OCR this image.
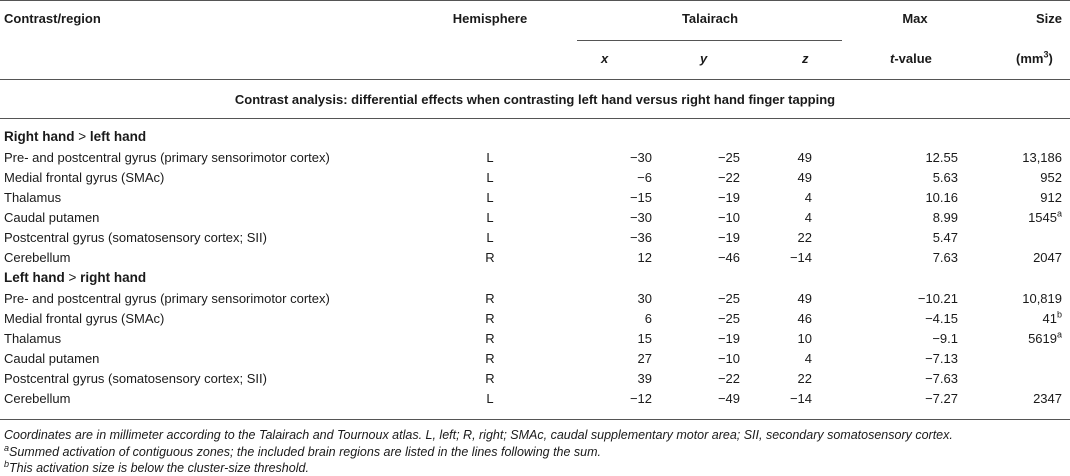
Contrast/region	Hemisphere	Talairach	Max	Size
x	y	z	t-value	$(mm^3)$
Contrast analysis: differential effects when contrasting left hand versus right hand finger tapping
Right hand > left hand
Pre- and postcentral gyrus (primary sensorimotor cortex)	L	−30	−25	49	12.55	13,186
Medial frontal gyrus (SMAc)	L	−6	−22	49	5.63	952
Thalamus	L	−15	−19	4	10.16	912
Caudal putamen	L	−30	−10	4	8.99	1545$^a$
Postcentral gyrus (somatosensory cortex; SII)	L	−36	−19	22	5.47
Cerebellum	R	12	−46	−14	7.63	2047
Left hand > right hand
Pre- and postcentral gyrus (primary sensorimotor cortex)	R	30	−25	49	−10.21	10,819
Medial frontal gyrus (SMAc)	R	6	−25	46	−4.15	41$^b$
Thalamus	R	15	−19	10	−9.1	5619$^a$
Caudal putamen	R	27	−10	4	−7.13
Postcentral gyrus (somatosensory cortex; SII)	R	39	−22	22	−7.63
Cerebellum	L	−12	−49	−14	−7.27	2347
Coordinates are in millimeter according to the Talairach and Tournoux atlas. L, left; R, right; SMAc, caudal supplementary motor area; SII, secondary somatosensory cortex.
$^a$Summed activation of contiguous zones; the included brain regions are listed in the lines following the sum.
$^b$This activation size is below the cluster-size threshold.
